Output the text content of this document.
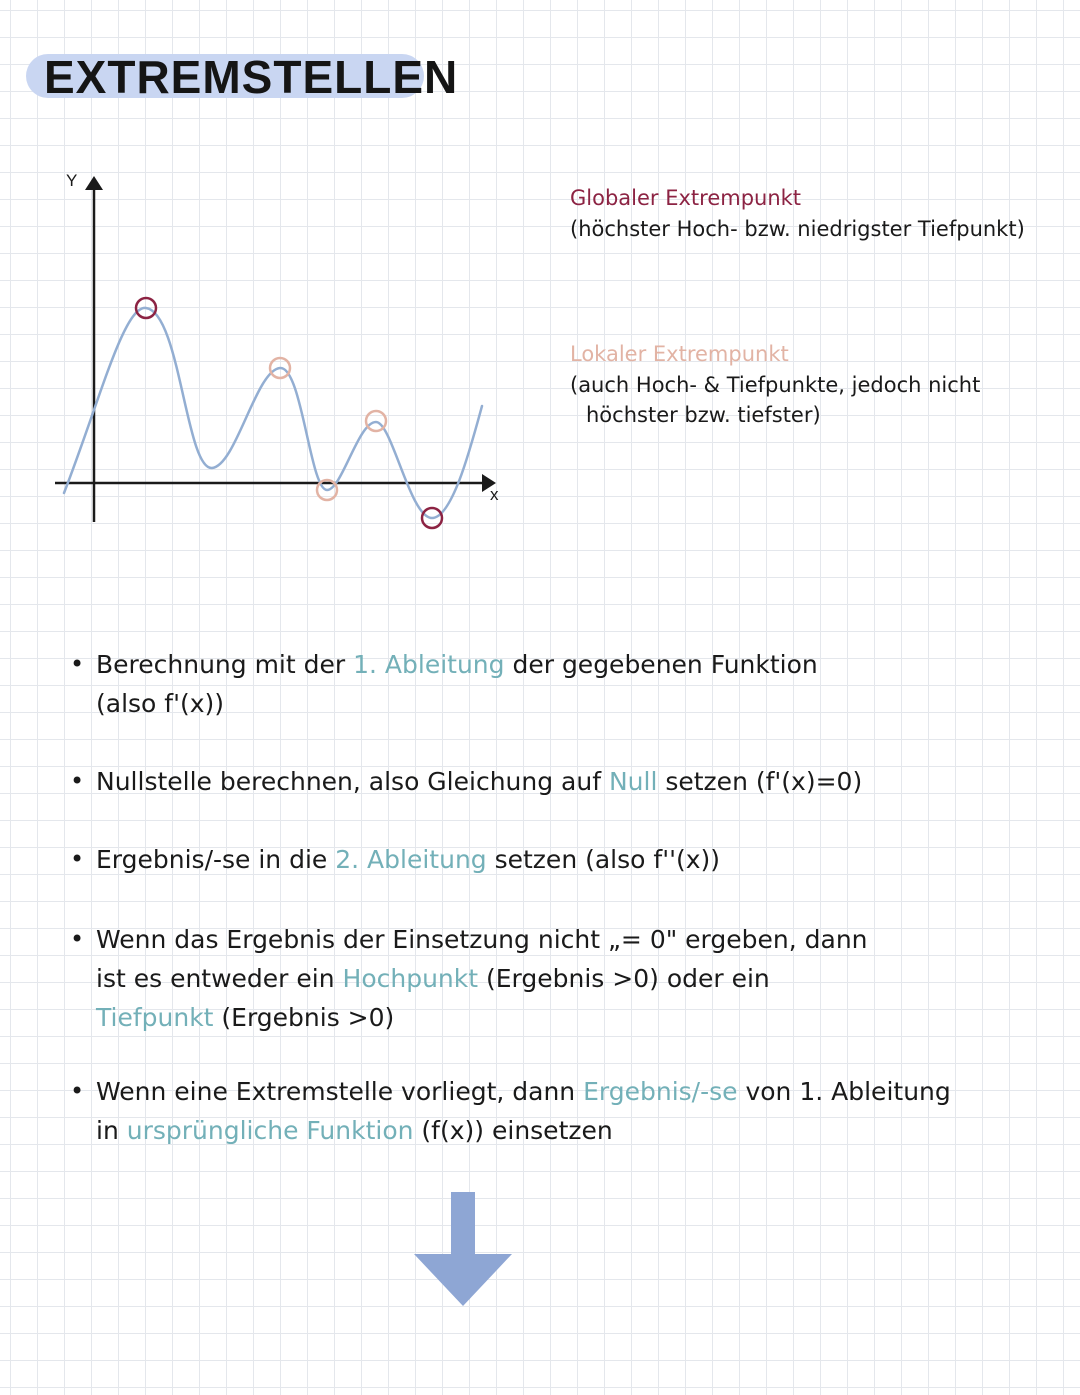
EXTREMSTELLEN
Y
x
Globaler Extrempunkt
(höchster Hoch- bzw. niedrigster Tiefpunkt)
Lokaler Extrempunkt
(auch Hoch- & Tiefpunkte, jedoch nicht
höchster bzw. tiefster)
• Berechnung mit der 1. Ableitung der gegebenen Funktion
(also f'(x))
• Nullstelle berechnen, also Gleichung auf Null setzen (f'(x)=0)
• Ergebnis/-se in die 2. Ableitung setzen (also f''(x))
• Wenn das Ergebnis der Einsetzung nicht „= 0" ergeben, dann
ist es entweder ein Hochpunkt (Ergebnis >0) oder ein
Tiefpunkt (Ergebnis >0)
• Wenn eine Extremstelle vorliegt, dann Ergebnis/-se von 1. Ableitung
in ursprüngliche Funktion (f(x)) einsetzen
